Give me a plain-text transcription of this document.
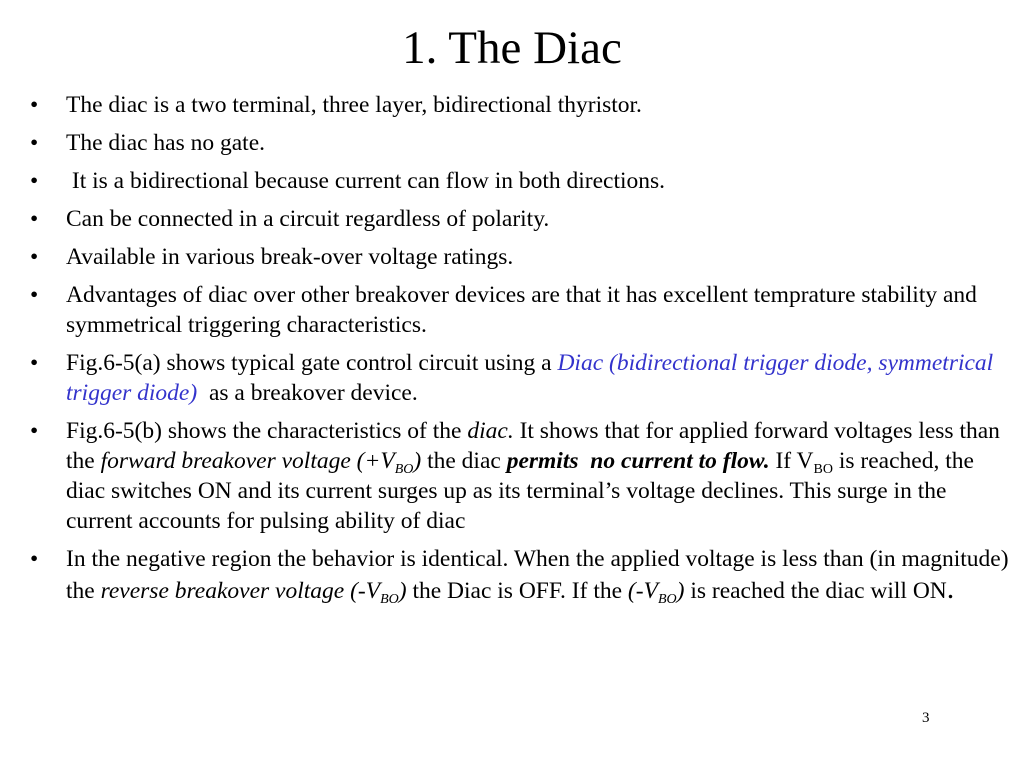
1. The Diac
• The diac is a two terminal, three layer, bidirectional thyristor.
• The diac has no gate.
• It is a bidirectional because current can flow in both directions.
• Can be connected in a circuit regardless of polarity.
• Available in various break-over voltage ratings.
• Advantages of diac over other breakover devices are that it has excellent temprature stability and symmetrical triggering characteristics.
• Fig.6-5(a) shows typical gate control circuit using a Diac (bidirectional trigger diode, symmetrical trigger diode)  as a breakover device.
• Fig.6-5(b) shows the characteristics of the diac. It shows that for applied forward voltages less than the forward breakover voltage $(+V_{BO})$ the diac permits  no current to flow. If $V_{BO}$ is reached, the diac switches ON and its current surges up as its terminal’s voltage declines. This surge in the current accounts for pulsing ability of diac
• In the negative region the behavior is identical. When the applied voltage is less than (in magnitude) the reverse breakover voltage $(-V_{BO})$ the Diac is OFF. If the $(-V_{BO})$ is reached the diac will ON.
3
